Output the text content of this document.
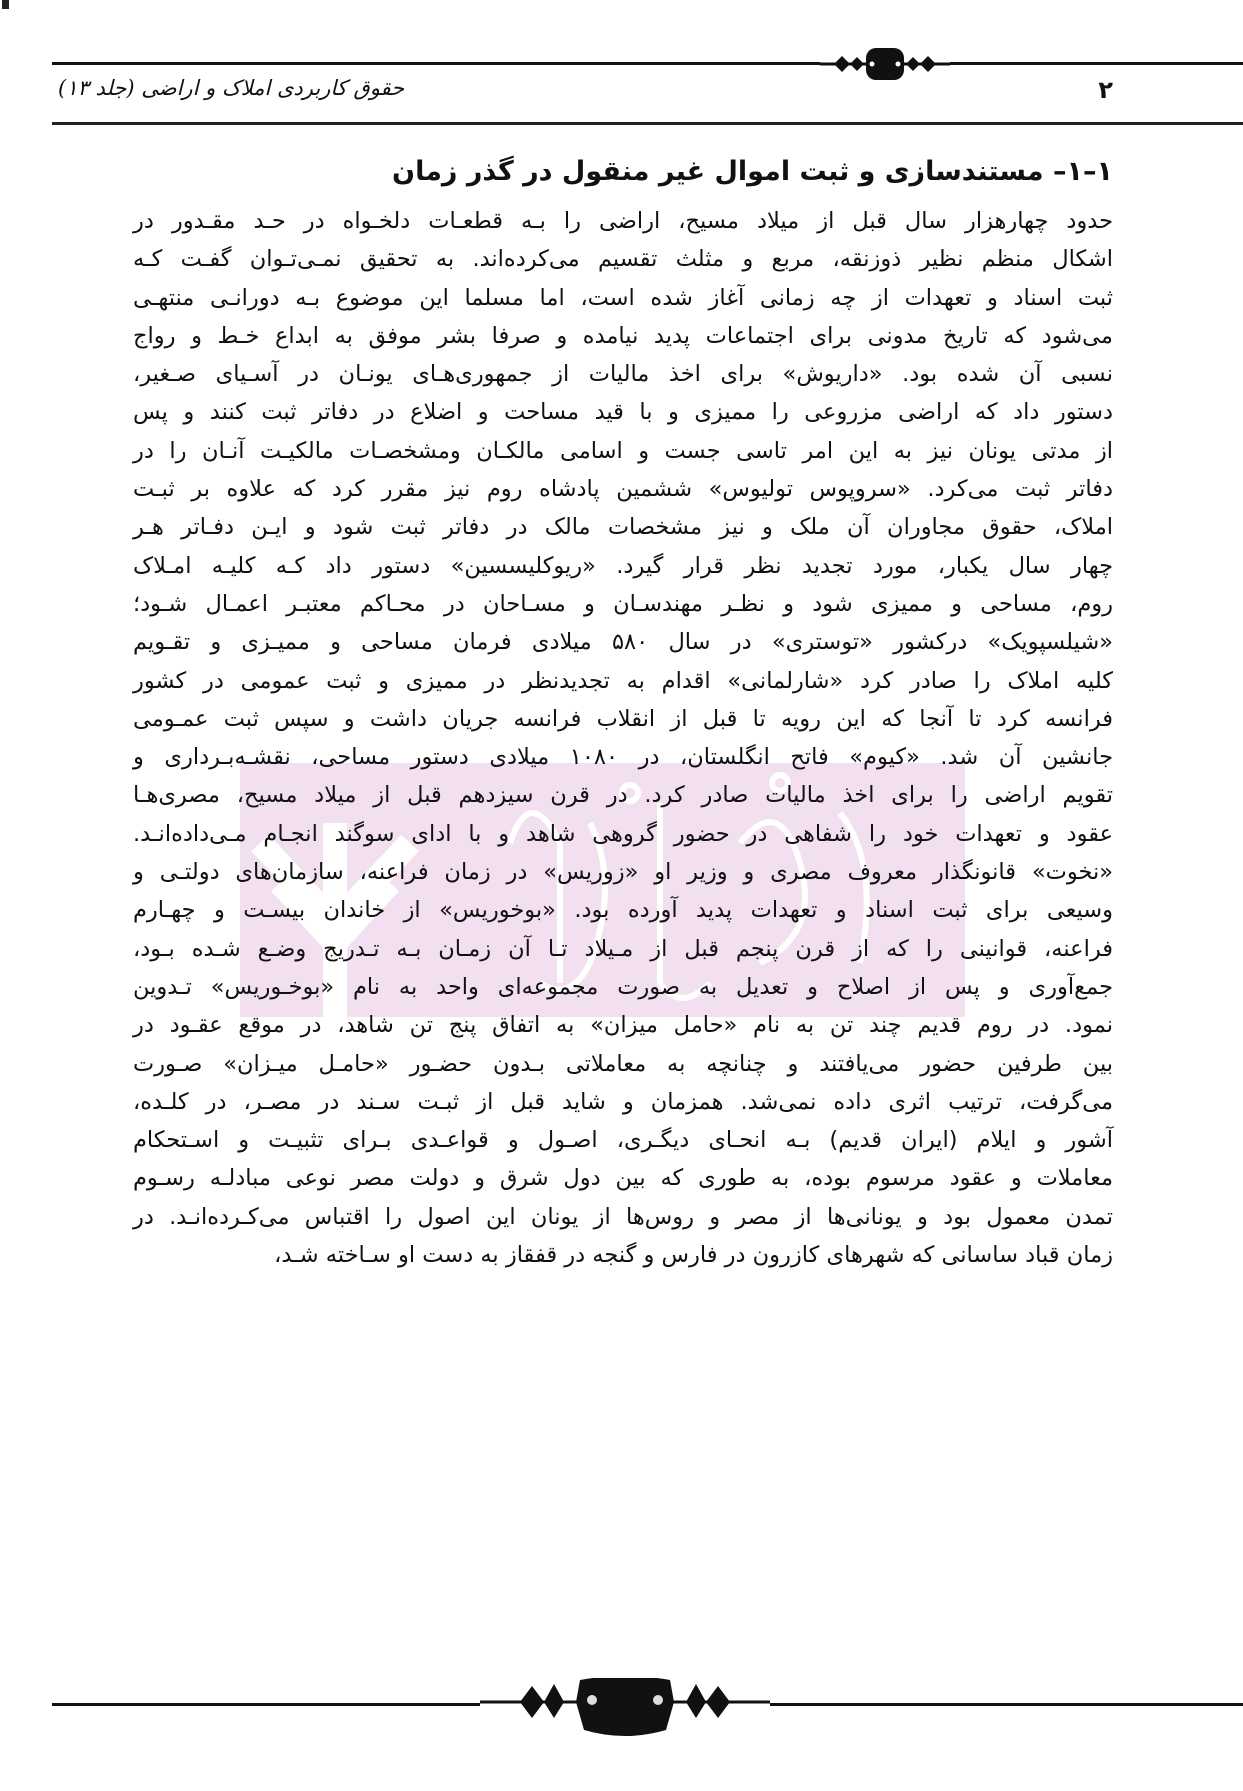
حقوق کاربردی املاک و اراضی (جلد ۱۳)	۲
۱–۱– مستندسازی و ثبت اموال غیر منقول در گذر زمان
حدود چهارهزار سال قبل از میلاد مسیح، اراضی را بـه قطعـات دلخـواه در حـد مقـدور در
اشکال منظم نظیر ذوزنقه، مربع و مثلث تقسیم می‌کرده‌اند. به تحقیق نمـی‌تـوان گفـت کـه
ثبت اسناد و تعهدات از چه زمانی آغاز شده است، اما مسلما این موضوع بـه دورانـی منتهـی
می‌شود که تاریخ مدونی برای اجتماعات پدید نیامده و صرفا بشر موفق به ابداع خـط و رواج
نسبی آن شده بود. «داریوش» برای اخذ مالیات از جمهوری‌هـای یونـان در آسـیای صـغیر،
دستور داد که اراضی مزروعی را ممیزی و با قید مساحت و اضلاع در دفاتر ثبت کنند و پس
از مدتی یونان نیز به این امر تاسی جست و اسامی مالکـان ومشخصـات مالکیـت آنـان را در
دفاتر ثبت می‌کرد. «سروپوس تولیوس» ششمین پادشاه روم نیز مقرر کرد که علاوه بر ثبـت
املاک، حقوق مجاوران آن ملک و نیز مشخصات مالک در دفاتر ثبت شود و ایـن دفـاتر هـر
چهار سال یکبار، مورد تجدید نظر قرار گیرد. «ریوکلیسسین» دستور داد کـه کلیـه امـلاک
روم، مساحی و ممیزی شود و نظـر مهندسـان و مسـاحان در محـاکم معتبـر اعمـال شـود؛
«شیلسپویک» درکشور «توستری» در سال ۵۸۰ میلادی فرمان مساحی و ممیـزی و تقـویم
کلیه املاک را صادر کرد «شارلمانی» اقدام به تجدیدنظر در ممیزی و ثبت عمومی در کشور
فرانسه کرد تا آنجا که این رویه تا قبل از انقلاب فرانسه جریان داشت و سپس ثبت عمـومی
جانشین آن شد. «کیوم» فاتح انگلستان، در ۱۰۸۰ میلادی دستور مساحی، نقشـه‌بـرداری و
تقویم اراضی را برای اخذ مالیات صادر کرد. در قرن سیزدهم قبل از میلاد مسیح، مصری‌هـا
عقود و تعهدات خود را شفاهی در حضور گروهی شاهد و با ادای سوگند انجـام مـی‌داده‌انـد.
«نخوت» قانونگذار معروف مصری و وزیر او «زوریس» در زمان فراعنه، سازمان‌های دولتـی و
وسیعی برای ثبت اسناد و تعهدات پدید آورده بود. «بوخوریس» از خاندان بیسـت و چهـارم
فراعنه، قوانینی را که از قرن پنجم قبل از مـیلاد تـا آن زمـان بـه تـدریج وضـع شـده بـود،
جمع‌آوری و پس از اصلاح و تعدیل به صورت مجموعه‌ای واحد به نام «بوخـوریس» تـدوین
نمود. در روم قدیم چند تن به نام «حامل میزان» به اتفاق پنج تن شاهد، در موقع عقـود در
بین طرفین حضور می‌یافتند و چنانچه به معاملاتی بـدون حضـور «حامـل میـزان» صـورت
می‌گرفت، ترتیب اثری داده نمی‌شد. همزمان و شاید قبل از ثبـت سـند در مصـر، در کلـده،
آشور و ایلام (ایران قدیم) بـه انحـای دیگـری، اصـول و قواعـدی بـرای تثبیـت و اسـتحکام
معاملات و عقود مرسوم بوده، به طوری که بین دول شرق و دولت مصر نوعی مبادلـه رسـوم
تمدن معمول بود و یونانی‌ها از مصر و روس‌ها از یونان این اصول را اقتباس می‌کـرده‌انـد. در
زمان قباد ساسانی که شهرهای کازرون در فارس و گنجه در قفقاز به دست او سـاخته شـد،
